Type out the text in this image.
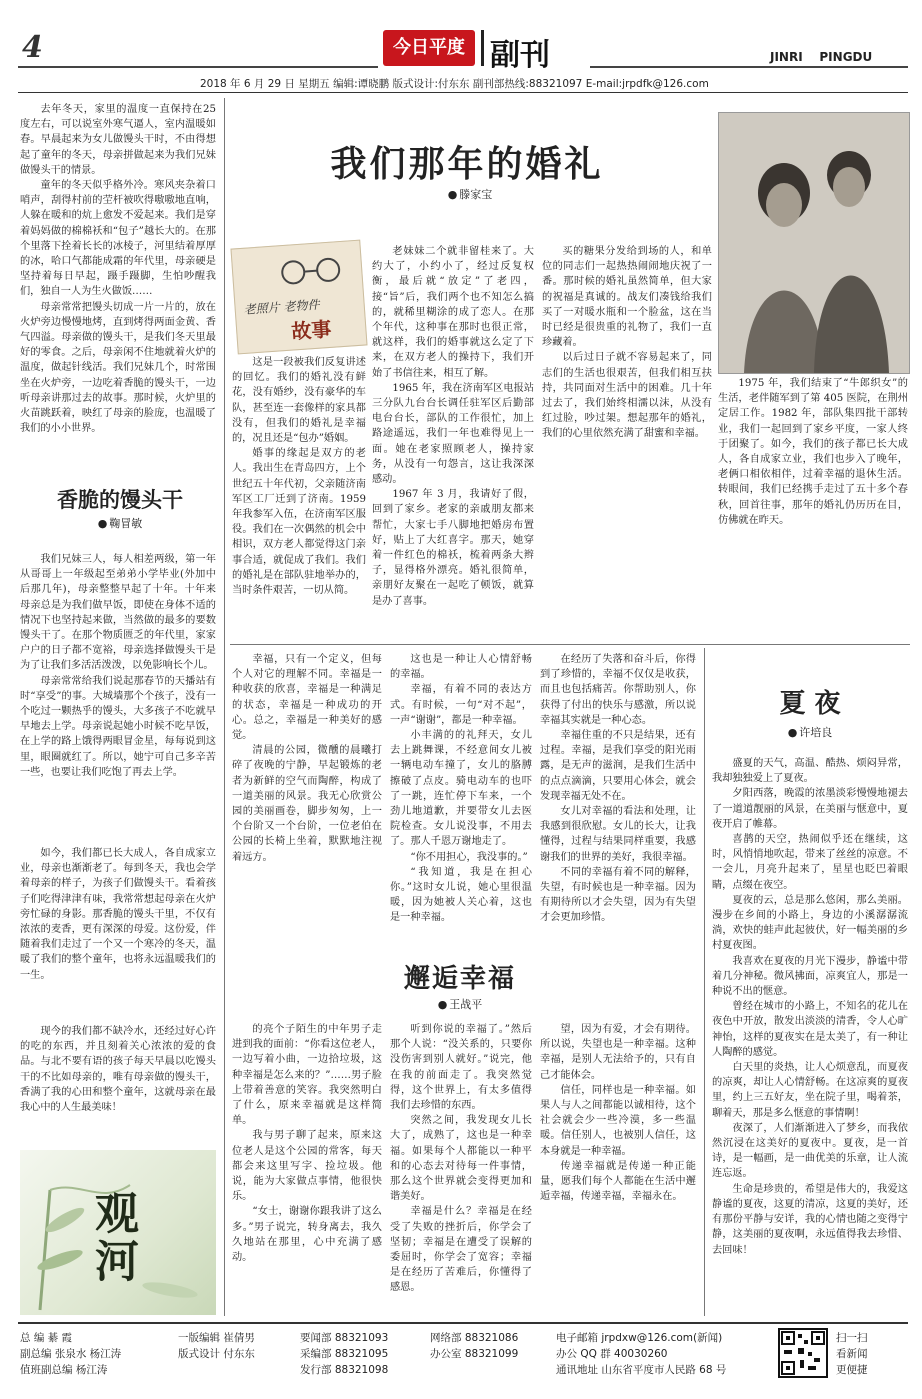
4	今日平度 副刊	JINRI    PINGDU
2018 年 6 月 29 日 星期五 编辑:谭晓鹏 版式设计:付东东 副刊部热线:88321097 E-mail:jrpdfk@126.com

去年冬天，家里的温度一直保持在25 度左右，可以说室外寒气逼人，室内温暖如春。早晨起来为女儿做馒头干时，不由得想起了童年的冬天，母亲拼做起来为我们兄妹做馒头干的情景。

童年的冬天似乎格外冷。寒风夹杂着口哨声，刮得村前的茔杆被吹得嗷嗷地直响，人躲在暖和的炕上愈发不爱起来。我们是穿着妈妈做的棉棉袄和“包子”越长大的。在那个里落下拴着长长的冰棱子，河里结着厚厚的冰，哈口气都能成霜的年代里，母亲硬是坚持着每日早起，蹑手蹑脚，生怕吵醒我们，独自一人为生火做饭……

母亲常常把馒头切成一片一片的，放在火炉旁边慢慢地烤，直到烤得两面金黄、香气四溢。母亲做的馒头干，是我们冬天里最好的零食。之后，母亲闲不住地就着火炉的温度，做起针线活。我们兄妹几个，时常围坐在火炉旁，一边吃着香脆的馒头干，一边听母亲讲那过去的故事。那时候，火炉里的火苗跳跃着，映红了母亲的脸庞，也温暖了我们的小小世界。

香脆的馒头干
● 鞠冒敏

我们兄妹三人，每人相差两级，第一年从哥哥上一年级起至弟弟小学毕业(外加中后那几年)，母亲整整早起了十年。十年来母亲总是为我们做早饭，即使在身体不适的情况下也坚持起来做，当然做的最多的要数馒头干了。在那个物质匮乏的年代里，家家户户的日子都不宽裕，母亲选择做馒头干是为了让我们多活活泼泼，以免影响长个儿。

母亲常常给我们说起那春节的天播站有时“享受”的事。大城墙那个个孩子，没有一个吃过一颗热乎的馒头，大多孩子不吃就早早地去上学。母亲说起她小时候不吃早饭，在上学的路上饿得两眼冒金星，每每说到这里，眼圈就红了。所以，她宁可自己多辛苦一些，也要让我们吃饱了再去上学。

如今，我们都已长大成人，各自成家立业，母亲也渐渐老了。每到冬天，我也会学着母亲的样子，为孩子们做馒头干。看着孩子们吃得津津有味，我常常想起母亲在火炉旁忙碌的身影。那香脆的馒头干里，不仅有浓浓的麦香，更有深深的母爱。这份爱，伴随着我们走过了一个又一个寒冷的冬天，温暖了我们的整个童年，也将永远温暖我们的一生。

现今的我们都不缺冷水，还经过好心许的吃的东西，并且刻着关心浓浓的爱的食品。与北不要有语的孩子每天早晨以吃馒头干的不比如母亲的，唯有母亲做的馒头干，香满了我的心田和整个童年，这就母亲在最我心中的人生最美味！

观河
我们那年的婚礼
● 滕家宝
老照片 老物件
故事

这是一段被我们反复讲述的回忆。我们的婚礼没有鲜花，没有婚纱，没有豪华的车队，甚至连一套像样的家具都没有，但我们的婚礼是幸福的，况且还是“包办”婚姻。

婚事的缘起是双方的老人。我出生在青岛四方，上个世纪五十年代初，父亲随济南军区工厂迁到了济南。1959 年我参军入伍，在济南军区服役。我们在一次偶然的机会中相识，双方老人都觉得这门亲事合适，就促成了我们。我们的婚礼是在部队驻地举办的，当时条件艰苦，一切从简。

老妹妹二个就非留桂来了。大约大了，小约小了，经过反复权衡，最后就“放定”了老四，接“旨”后，我们两个也不知怎么搞的，就稀里糊涂的成了恋人。在那个年代，这种事在那时也很正常，就这样，我们的婚事就这么定了下来，在双方老人的操持下，我们开始了书信往来，相互了解。

1965 年，我在济南军区电报站三分队九台台长调任驻军区后勤部电台台长，部队的工作很忙，加上路途遥远，我们一年也难得见上一面。她在老家照顾老人，操持家务，从没有一句怨言，这让我深深感动。

1967 年 3 月，我请好了假，回到了家乡。老家的亲戚朋友都来帮忙，大家七手八脚地把婚房布置好，贴上了大红喜字。那天，她穿着一件红色的棉袄，梳着两条大辫子，显得格外漂亮。婚礼很简单，亲朋好友聚在一起吃了顿饭，就算是办了喜事。

买的糖果分发给到场的人，和单位的同志们一起热热闹闹地庆祝了一番。那时候的婚礼虽然简单，但大家的祝福是真诚的。战友们凑钱给我们买了一对暖水瓶和一个脸盆，这在当时已经是很贵重的礼物了，我们一直珍藏着。

以后过日子就不容易起来了，同志们的生活也很艰苦，但我们相互扶持，共同面对生活中的困难。几十年过去了，我们始终相濡以沫，从没有红过脸，吵过架。想起那年的婚礼，我们的心里依然充满了甜蜜和幸福。

1975 年，我们结束了“牛郎织女”的生活，老伴随军到了第 405 医院，在荆州定居工作。1982 年，部队集四批干部转业，我们一起回到了家乡平度，一家人终于团聚了。如今，我们的孩子都已长大成人，各自成家立业，我们也步入了晚年，老俩口相依相伴，过着幸福的退休生活。转眼间，我们已经携手走过了五十多个春秋，回首往事，那年的婚礼仍历历在目，仿佛就在昨天。

幸福，只有一个定义，但每个人对它的理解不同。幸福是一种收获的欣喜，幸福是一种满足的状态，幸福是一种成功的开心。总之，幸福是一种美好的感觉。

清晨的公园，微醺的晨曦打碎了夜晚的宁静，早起锻炼的老者为新鲜的空气而陶醉，构成了一道美丽的风景。我无心欣赏公园的美丽画卷，脚步匆匆，上一个台阶又一个台阶，一位老伯在公园的长椅上坐着，默默地注视着远方。

这也是一种让人心情舒畅的幸福。

幸福，有着不同的表达方式。有时候，一句“对不起”，一声“谢谢”，都是一种幸福。

小丰满的的礼拜天，女儿去上跳舞课，不经意间女儿被一辆电动车撞了，女儿的胳膊擦破了点皮。骑电动车的也吓了一跳，连忙停下车来，一个劲儿地道歉，并要带女儿去医院检查。女儿说没事，不用去了。那人千恩万谢地走了。

“你不用担心，我没事的。”

“我知道，我是在担心你。”这时女儿说，她心里很温暖，因为她被人关心着，这也是一种幸福。

在经历了失落和奋斗后，你得到了珍惜的，幸福不仅仅是收获，而且也包括痛苦。你帮助别人，你获得了付出的快乐与感激，所以说幸福其实就是一种心态。

幸福住重的不只是结果，还有过程。幸福，是我们享受的阳光雨露，是无声的滋润，是我们生活中的点点滴滴，只要用心体会，就会发现幸福无处不在。

女儿对幸福的看法和处理，让我感到很欣慰。女儿的长大，让我懂得，过程与结果同样重要，我感谢我们的世界的美好，我很幸福。

不同的幸福有着不同的解释，失望，有时候也是一种幸福。因为有期待所以才会失望，因为有失望才会更加珍惜。

邂逅幸福
● 王战平

的亮个子陌生的中年男子走进到我的面前：“你看这位老人，一边写着小曲，一边拾垃圾，这种幸福是怎么来的？”……男子脸上带着善意的笑容。我突然明白了什么，原来幸福就是这样简单。

我与男子聊了起来，原来这位老人是这个公园的常客，每天都会来这里写字、捡垃圾。他说，能为大家做点事情，他很快乐。

“女士，谢谢你跟我讲了这么多。”男子说完，转身离去，我久久地站在那里，心中充满了感动。

听到你说的幸福了。”然后那个人说：“没关系的，只要你没伤害到别人就好。”说完，他在我的前面走了。我突然觉得，这个世界上，有太多值得我们去珍惜的东西。

突然之间，我发现女儿长大了，成熟了，这也是一种幸福。如果每个人都能以一种平和的心态去对待每一件事情，那么这个世界就会变得更加和谐美好。

幸福是什么？幸福是在经受了失败的挫折后，你学会了坚韧；幸福是在遭受了误解的委屈时，你学会了宽容；幸福是在经历了苦难后，你懂得了感恩。

望，因为有爱，才会有期待。所以说，失望也是一种幸福。这种幸福，是别人无法给予的，只有自己才能体会。

信任，同样也是一种幸福。如果人与人之间都能以诚相待，这个社会就会少一些冷漠，多一些温暖。信任别人，也被别人信任，这本身就是一种幸福。

传递幸福就是传递一种正能量，愿我们每个人都能在生活中邂逅幸福，传递幸福，幸福永在。

夏 夜
● 许培良

盛夏的天气，高温、酷热、烦闷异常，我却独独爱上了夏夜。

夕阳西落，晚霞的浓墨淡彩慢慢地褪去了一道道靓丽的风景，在美丽与惬意中，夏夜开启了帷幕。

喜鹊的天空，热闹似乎还在继续，这时，风悄悄地吹起，带来了丝丝的凉意。不一会儿，月亮升起来了，星星也眨巴着眼睛，点缀在夜空。

夏夜的云，总是那么悠闲，那么美丽。漫步在乡间的小路上，身边的小溪潺潺流淌，欢快的蛙声此起彼伏，好一幅美丽的乡村夏夜图。

我喜欢在夏夜的月光下漫步，静谧中带着几分神秘。微风拂面，凉爽宜人，那是一种说不出的惬意。

曾经在城市的小路上，不知名的花儿在夜色中开放，散发出淡淡的清香，令人心旷神怡，这样的夏夜实在是太美了，有一种让人陶醉的感觉。

白天里的炎热，让人心烦意乱，而夏夜的凉爽，却让人心情舒畅。在这凉爽的夏夜里，约上三五好友，坐在院子里，喝着茶，聊着天，那是多么惬意的事情啊！

夜深了，人们渐渐进入了梦乡，而我依然沉浸在这美好的夏夜中。夏夜，是一首诗，是一幅画，是一曲优美的乐章，让人流连忘返。

生命是珍贵的，希望是伟大的，我爱这静谧的夏夜，这夏的清凉，这夏的美好，还有那份平静与安详，我的心情也随之变得宁静，这美丽的夏夜啊，永远值得我去珍惜、去回味！

总 编 綦 霞
副总编 张泉水 杨江涛
值班副总编 杨江涛
一版编辑 崔倩男
版式设计 付东东
要闻部 88321093
采编部 88321095
发行部 88321098
网络部 88321086
办公室 88321099
电子邮箱 jrpdxw@126.com(新闻)
办公 QQ 群 40030260
通讯地址 山东省平度市人民路 68 号
扫一扫
看新闻
更便捷
